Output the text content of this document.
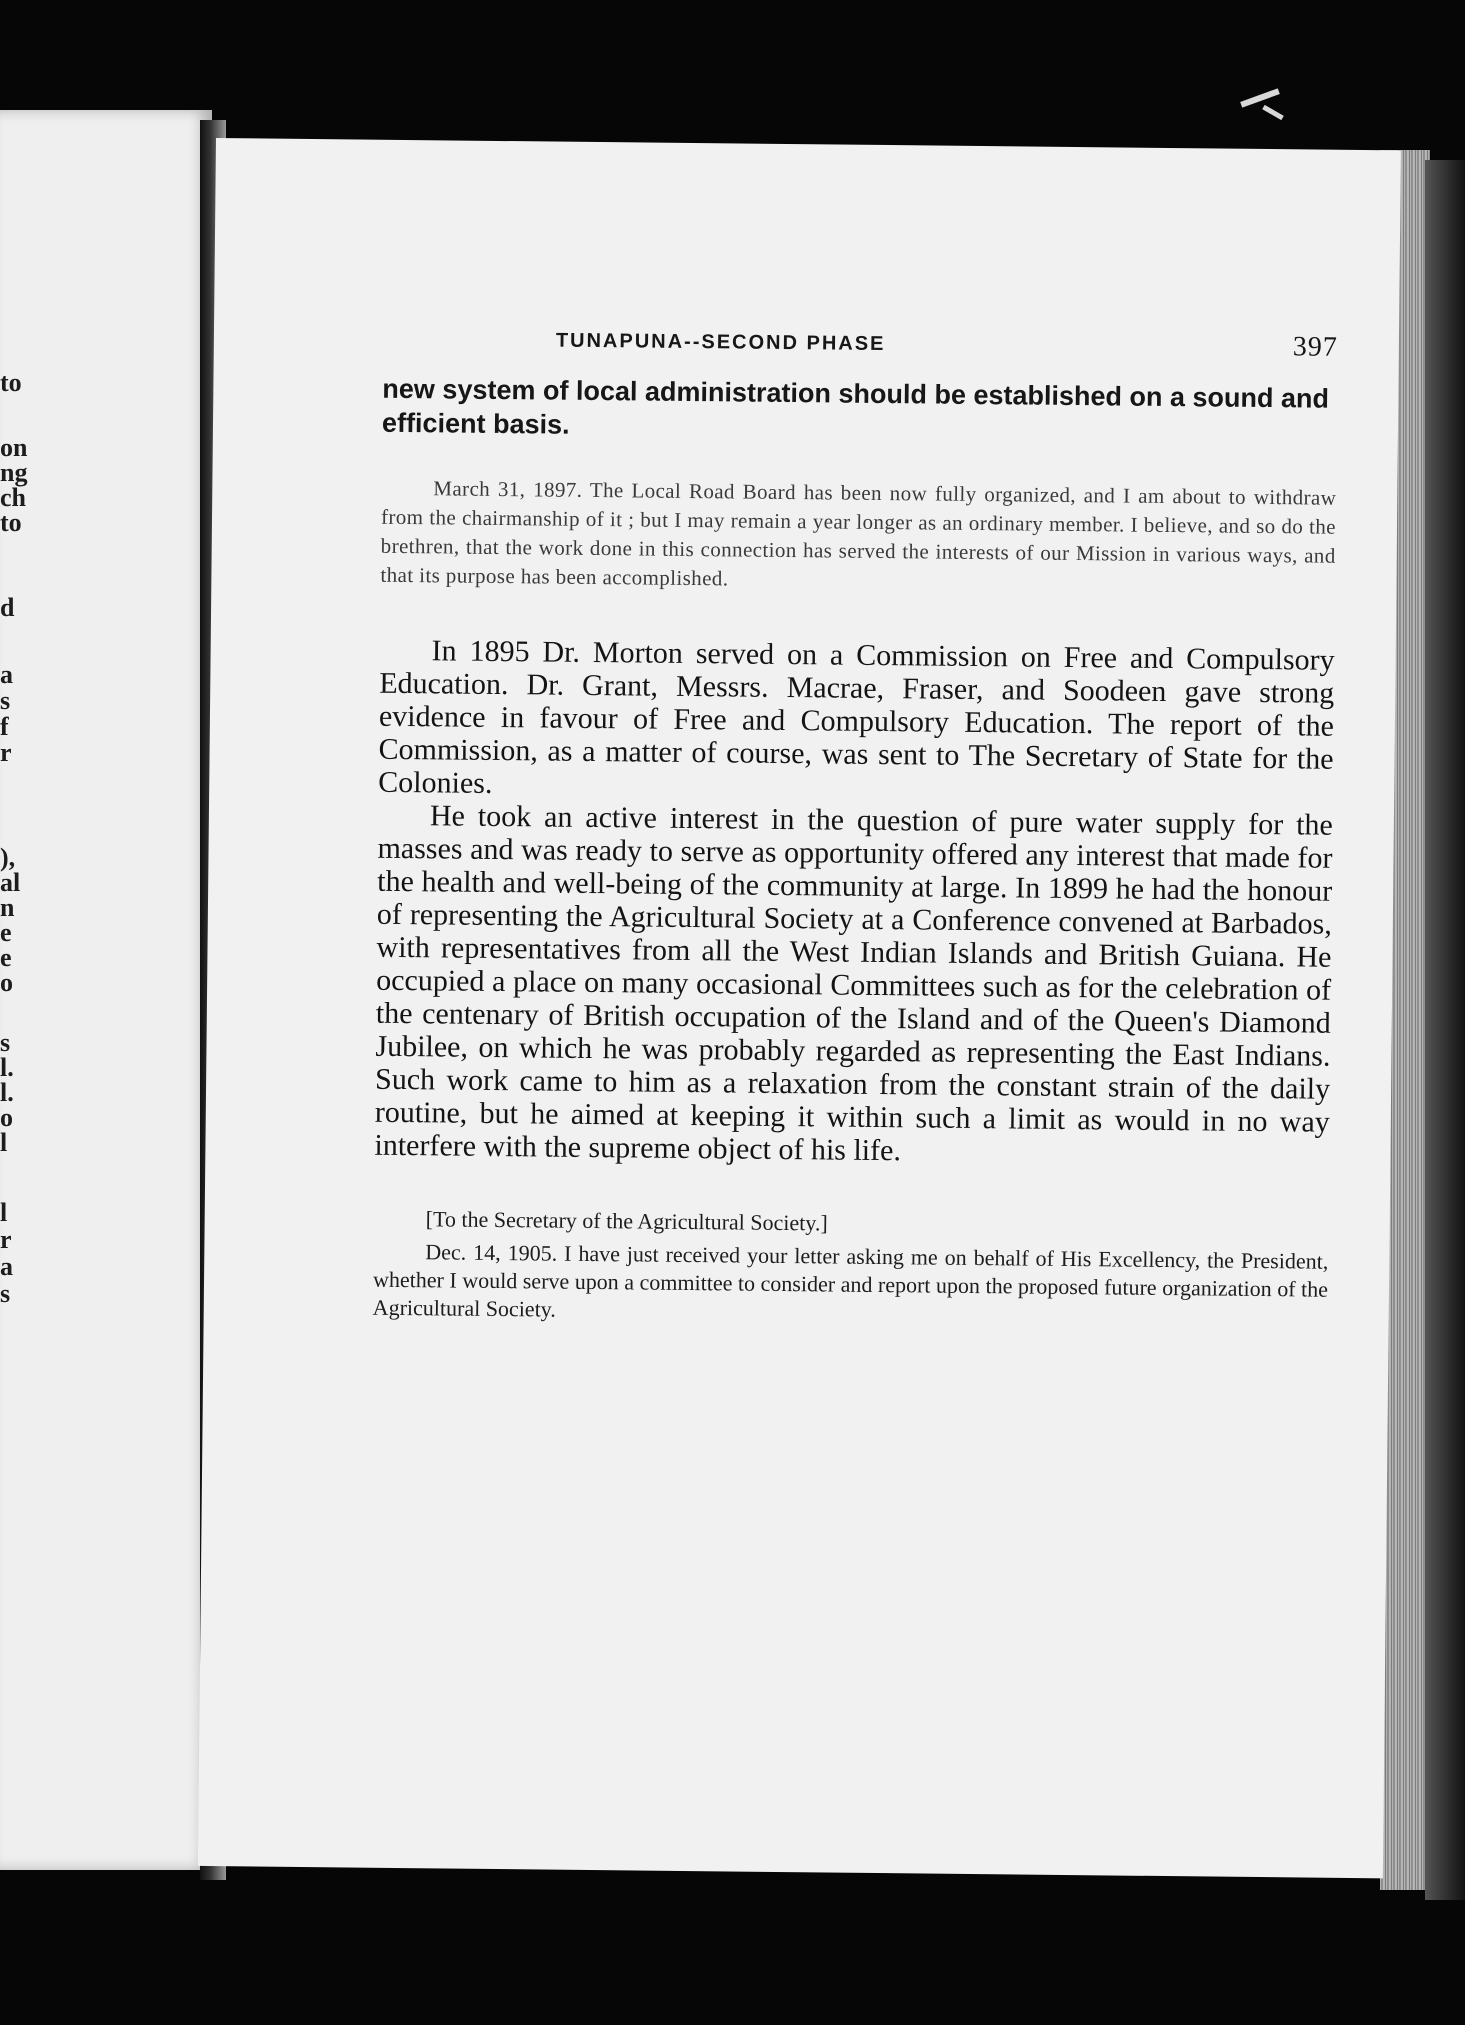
to
on
ng
ch
to
d
a
s
f
r
),
al
n
e
e
o
s
l.
l.
o
l
l
r
a
s
TUNAPUNA--SECOND PHASE	397

new system of local administration should be established on a sound and efficient basis.

March 31, 1897. The Local Road Board has been now fully organized, and I am about to withdraw from the chairmanship of it ; but I may remain a year longer as an ordinary member. I believe, and so do the brethren, that the work done in this connection has served the interests of our Mission in various ways, and that its purpose has been accomplished.

In 1895 Dr. Morton served on a Commission on Free and Compulsory Education. Dr. Grant, Messrs. Macrae, Fraser, and Soodeen gave strong evidence in favour of Free and Compulsory Education. The report of the Commission, as a matter of course, was sent to The Secretary of State for the Colonies.

He took an active interest in the question of pure water supply for the masses and was ready to serve as opportunity offered any interest that made for the health and well-being of the community at large. In 1899 he had the honour of representing the Agricultural Society at a Conference convened at Barbados, with representatives from all the West Indian Islands and British Guiana. He occupied a place on many occasional Committees such as for the celebration of the centenary of British occupation of the Island and of the Queen's Diamond Jubilee, on which he was probably regarded as representing the East Indians. Such work came to him as a relaxation from the constant strain of the daily routine, but he aimed at keeping it within such a limit as would in no way interfere with the supreme object of his life.

[To the Secretary of the Agricultural Society.]

Dec. 14, 1905. I have just received your letter asking me on behalf of His Excellency, the President, whether I would serve upon a committee to consider and report upon the proposed future organization of the Agricultural Society.
